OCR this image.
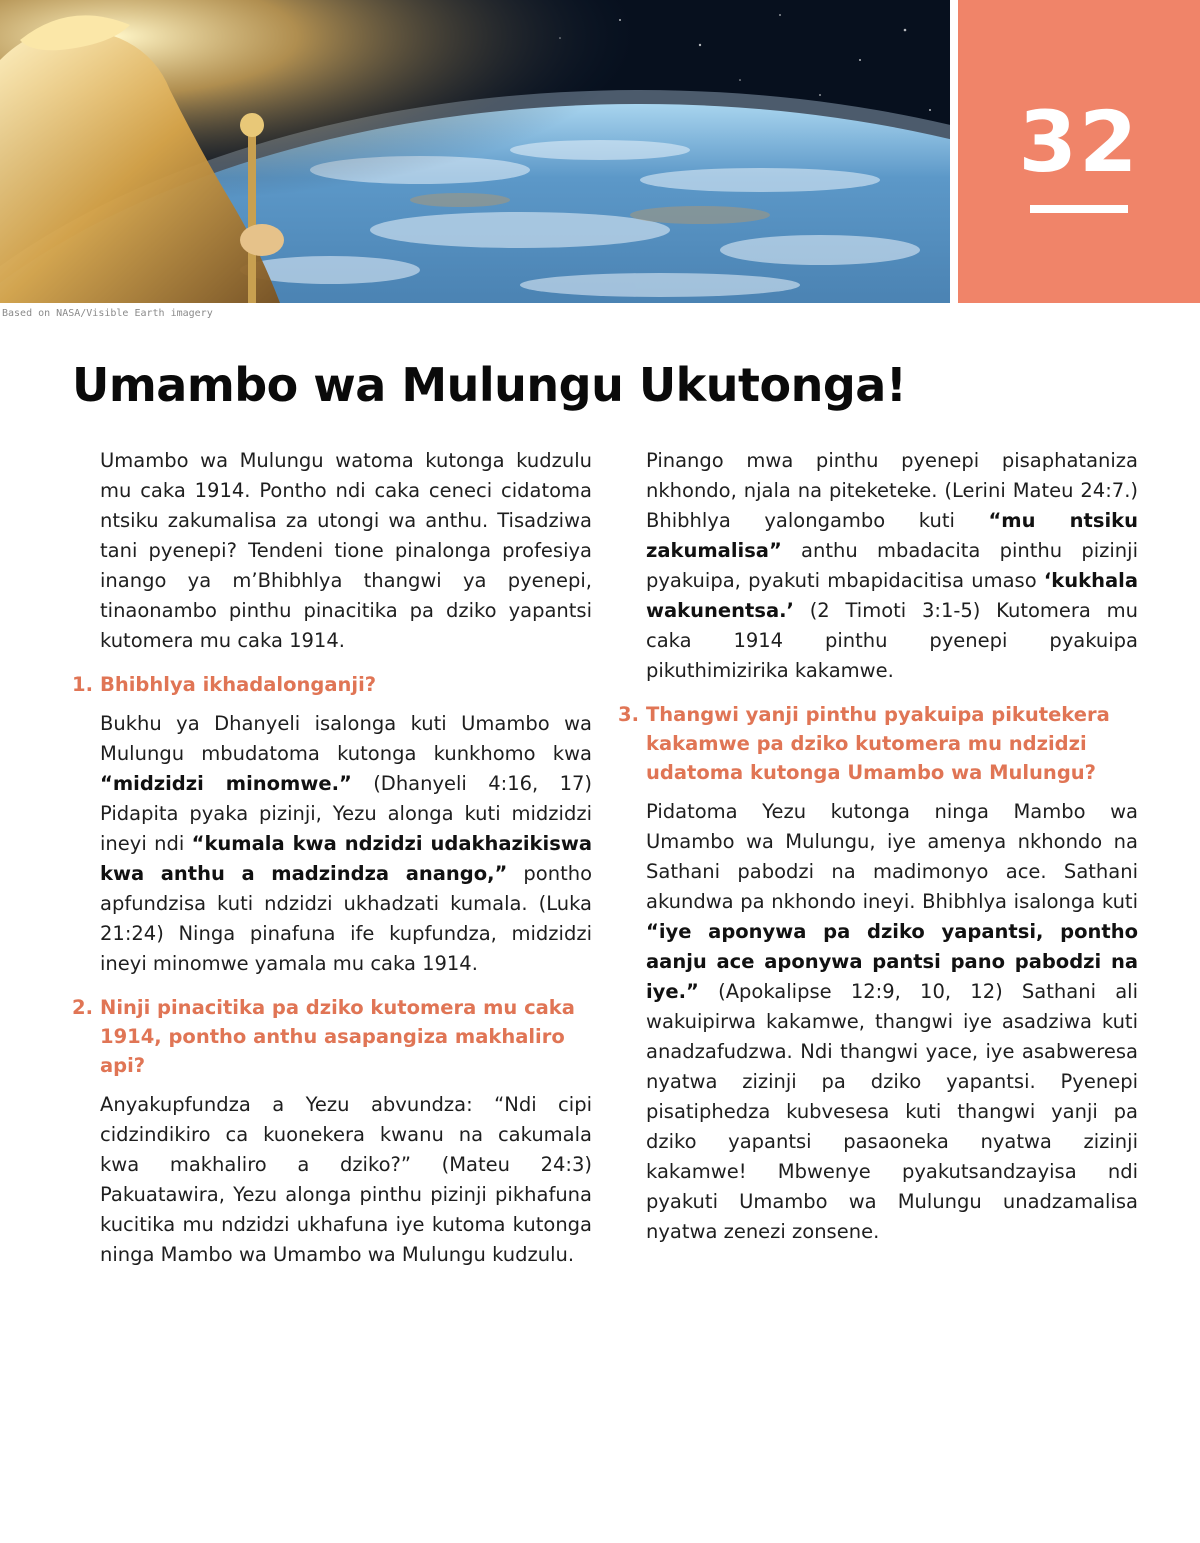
32
Based on NASA/Visible Earth imagery
Umambo wa Mulungu Ukutonga!

Umambo wa Mulungu watoma kutonga kudzulu mu caka 1914. Pontho ndi caka ceneci cidatoma ntsiku zakumalisa za utongi wa anthu. Tisadziwa tani pyenepi? Tendeni tione pinalonga profesiya inango ya m’Bhibhlya thangwi ya pyenepi, tinaonambo pinthu pinacitika pa dziko yapantsi kutomera mu caka 1914.

1. Bhibhlya ikhadalonganji?

Bukhu ya Dhanyeli isalonga kuti Umambo wa Mulungu mbudatoma kutonga kunkhomo kwa “midzidzi minomwe.” (Dhanyeli 4:16, 17) Pidapita pyaka pizinji, Yezu alonga kuti midzidzi ineyi ndi “kumala kwa ndzidzi udakhazikiswa kwa anthu a madzindza anango,” pontho apfundzisa kuti ndzidzi ukhadzati kumala. (Luka 21:24) Ninga pinafuna ife kupfundza, midzidzi ineyi minomwe yamala mu caka 1914.

2. Ninji pinacitika pa dziko kutomera mu caka 1914, pontho anthu asapangiza makhaliro api?

Anyakupfundza a Yezu abvundza: “Ndi cipi cidzindikiro ca kuonekera kwanu na cakumala kwa makhaliro a dziko?” (Mateu 24:3) Pakuatawira, Yezu alonga pinthu pizinji pikhafuna kucitika mu ndzidzi ukhafuna iye kutoma kutonga ninga Mambo wa Umambo wa Mulungu kudzulu.

Pinango mwa pinthu pyenepi pisaphataniza nkhondo, njala na piteketeke. (Lerini Mateu 24:7.) Bhibhlya yalongambo kuti “mu ntsiku zakumalisa” anthu mbadacita pinthu pizinji pyakuipa, pyakuti mbapidacitisa umaso ‘kukhala wakunentsa.’ (2 Timoti 3:1-5) Kutomera mu caka 1914 pinthu pyenepi pyakuipa pikuthimizirika kakamwe.

3. Thangwi yanji pinthu pyakuipa pikutekera kakamwe pa dziko kutomera mu ndzidzi udatoma kutonga Umambo wa Mulungu?

Pidatoma Yezu kutonga ninga Mambo wa Umambo wa Mulungu, iye amenya nkhondo na Sathani pabodzi na madimonyo ace. Sathani akundwa pa nkhondo ineyi. Bhibhlya isalonga kuti “iye aponywa pa dziko yapantsi, pontho aanju ace aponywa pantsi pano pabodzi na iye.” (Apokalipse 12:9, 10, 12) Sathani ali wakuipirwa kakamwe, thangwi iye asadziwa kuti anadzafudzwa. Ndi thangwi yace, iye asabweresa nyatwa zizinji pa dziko yapantsi. Pyenepi pisatiphedza kubvesesa kuti thangwi yanji pa dziko yapantsi pasaoneka nyatwa zizinji kakamwe! Mbwenye pyakutsandzayisa ndi pyakuti Umambo wa Mulungu unadzamalisa nyatwa zenezi zonsene.
